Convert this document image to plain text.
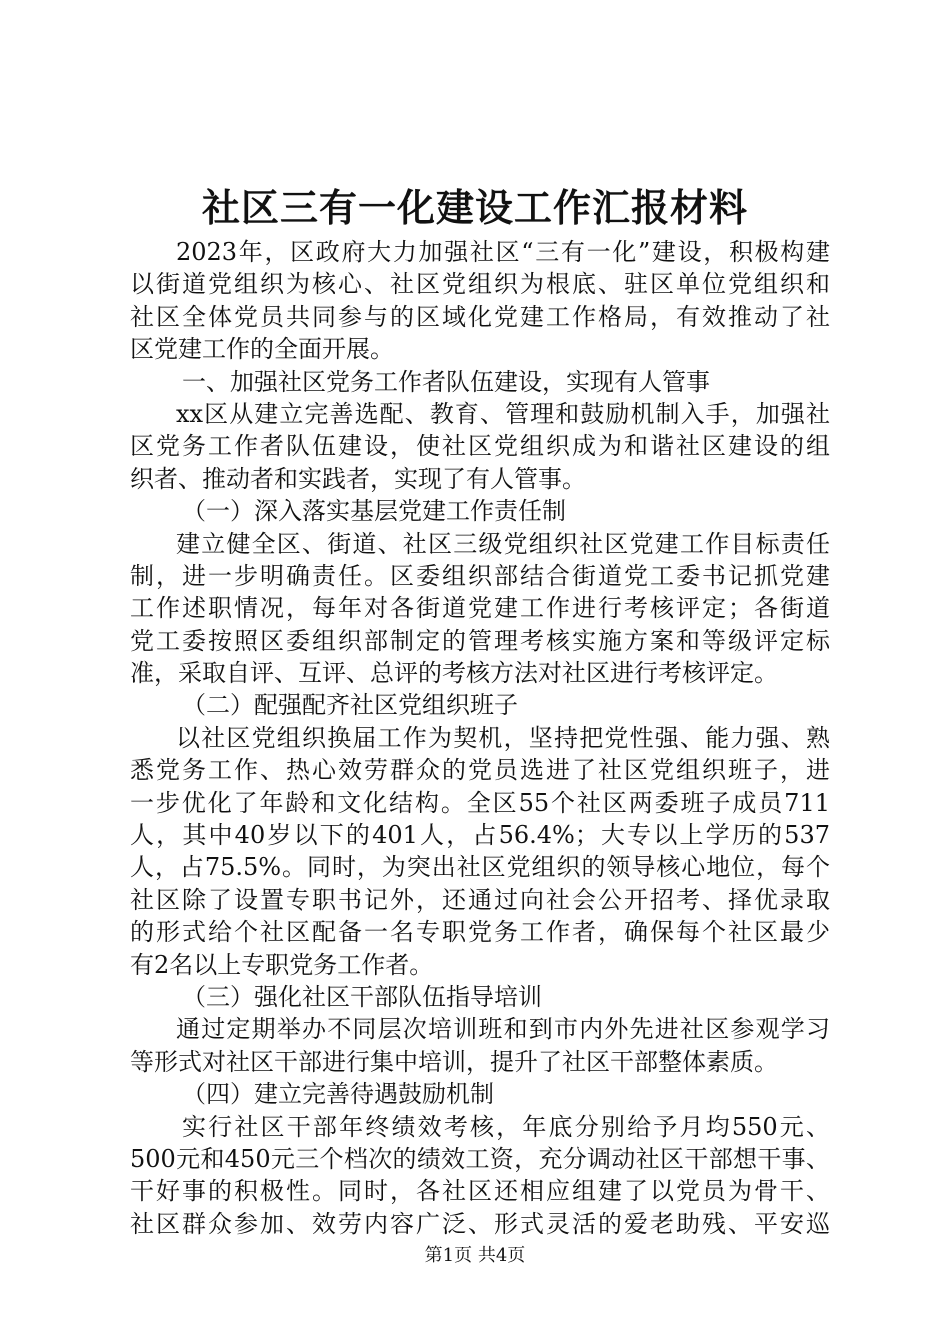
社区三有一化建设工作汇报材料
2023年，区政府大力加强社区“三有一化”建设，积极构建
以街道党组织为核心、社区党组织为根底、驻区单位党组织和
社区全体党员共同参与的区域化党建工作格局，有效推动了社
区党建工作的全面开展。
一、加强社区党务工作者队伍建设，实现有人管事
xx区从建立完善选配、教育、管理和鼓励机制入手，加强社
区党务工作者队伍建设，使社区党组织成为和谐社区建设的组
织者、推动者和实践者，实现了有人管事。
（一）深入落实基层党建工作责任制
建立健全区、街道、社区三级党组织社区党建工作目标责任
制，进一步明确责任。区委组织部结合街道党工委书记抓党建
工作述职情况，每年对各街道党建工作进行考核评定；各街道
党工委按照区委组织部制定的管理考核实施方案和等级评定标
准，采取自评、互评、总评的考核方法对社区进行考核评定。
（二）配强配齐社区党组织班子
以社区党组织换届工作为契机，坚持把党性强、能力强、熟
悉党务工作、热心效劳群众的党员选进了社区党组织班子，进
一步优化了年龄和文化结构。全区55个社区两委班子成员711
人，其中40岁以下的401人，占56.4%；大专以上学历的537
人，占75.5%。同时，为突出社区党组织的领导核心地位，每个
社区除了设置专职书记外，还通过向社会公开招考、择优录取
的形式给个社区配备一名专职党务工作者，确保每个社区最少
有2名以上专职党务工作者。
（三）强化社区干部队伍指导培训
通过定期举办不同层次培训班和到市内外先进社区参观学习
等形式对社区干部进行集中培训，提升了社区干部整体素质。
（四）建立完善待遇鼓励机制
实行社区干部年终绩效考核，年底分别给予月均550元、
500元和450元三个档次的绩效工资，充分调动社区干部想干事、
干好事的积极性。同时，各社区还相应组建了以党员为骨干、
社区群众参加、效劳内容广泛、形式灵活的爱老助残、平安巡
第1页 共4页
